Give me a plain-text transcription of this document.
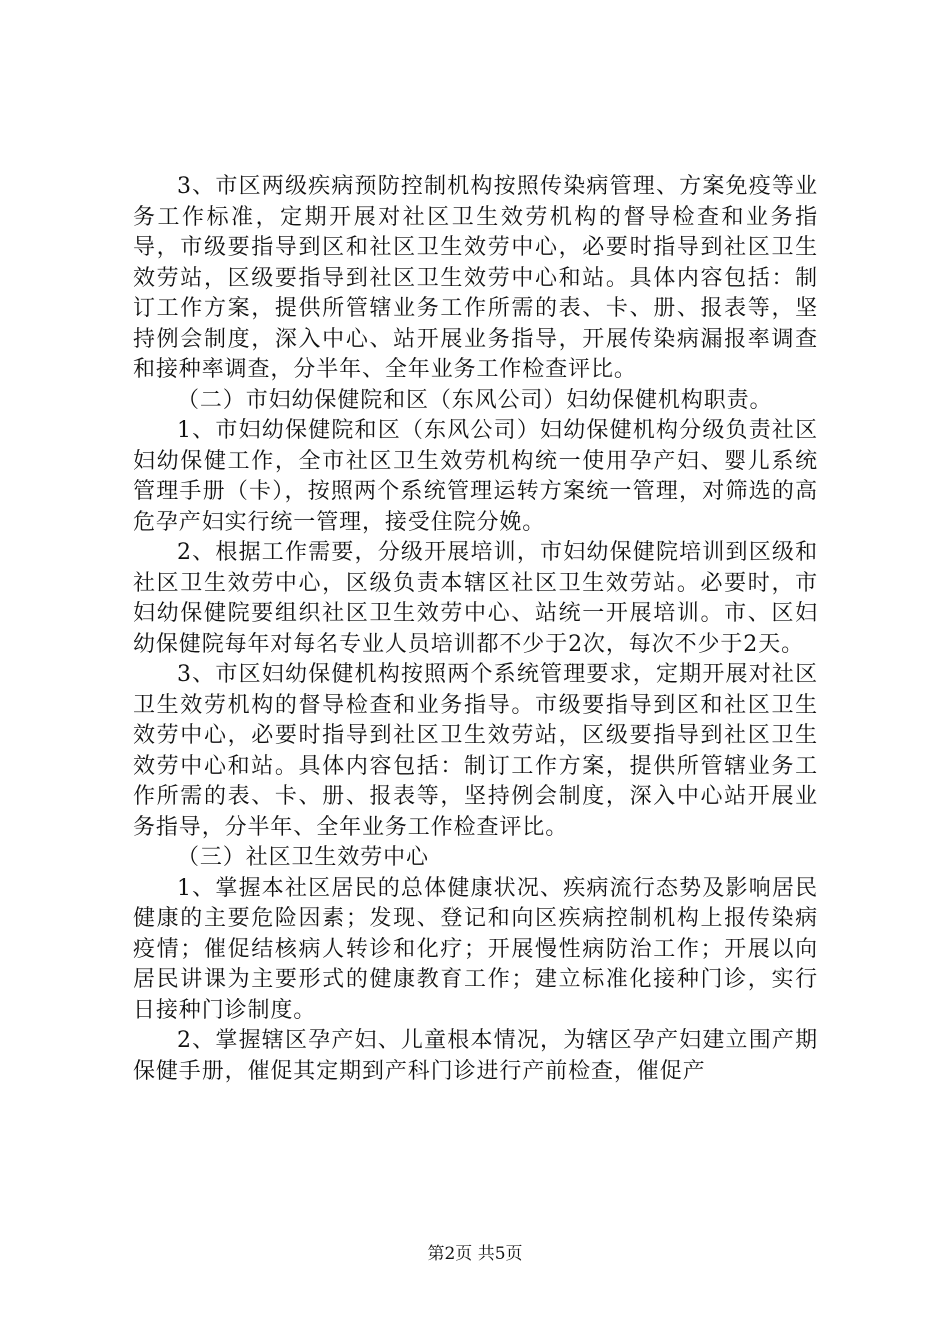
3、市区两级疾病预防控制机构按照传染病管理、方案免疫等业务工作标准，定期开展对社区卫生效劳机构的督导检查和业务指导，市级要指导到区和社区卫生效劳中心，必要时指导到社区卫生效劳站，区级要指导到社区卫生效劳中心和站。具体内容包括：制订工作方案，提供所管辖业务工作所需的表、卡、册、报表等，坚持例会制度，深入中心、站开展业务指导，开展传染病漏报率调查和接种率调查，分半年、全年业务工作检查评比。

（二）市妇幼保健院和区（东风公司）妇幼保健机构职责。

1、市妇幼保健院和区（东风公司）妇幼保健机构分级负责社区妇幼保健工作，全市社区卫生效劳机构统一使用孕产妇、婴儿系统管理手册（卡），按照两个系统管理运转方案统一管理，对筛选的高危孕产妇实行统一管理，接受住院分娩。

2、根据工作需要，分级开展培训，市妇幼保健院培训到区级和社区卫生效劳中心，区级负责本辖区社区卫生效劳站。必要时，市妇幼保健院要组织社区卫生效劳中心、站统一开展培训。市、区妇幼保健院每年对每名专业人员培训都不少于2次，每次不少于2天。

3、市区妇幼保健机构按照两个系统管理要求，定期开展对社区卫生效劳机构的督导检查和业务指导。市级要指导到区和社区卫生效劳中心，必要时指导到社区卫生效劳站，区级要指导到社区卫生效劳中心和站。具体内容包括：制订工作方案，提供所管辖业务工作所需的表、卡、册、报表等，坚持例会制度，深入中心站开展业务指导，分半年、全年业务工作检查评比。

（三）社区卫生效劳中心

1、掌握本社区居民的总体健康状况、疾病流行态势及影响居民健康的主要危险因素；发现、登记和向区疾病控制机构上报传染病疫情；催促结核病人转诊和化疗；开展慢性病防治工作；开展以向居民讲课为主要形式的健康教育工作；建立标准化接种门诊，实行日接种门诊制度。

2、掌握辖区孕产妇、儿童根本情况，为辖区孕产妇建立围产期保健手册，催促其定期到产科门诊进行产前检查，催促产

第2页 共5页
